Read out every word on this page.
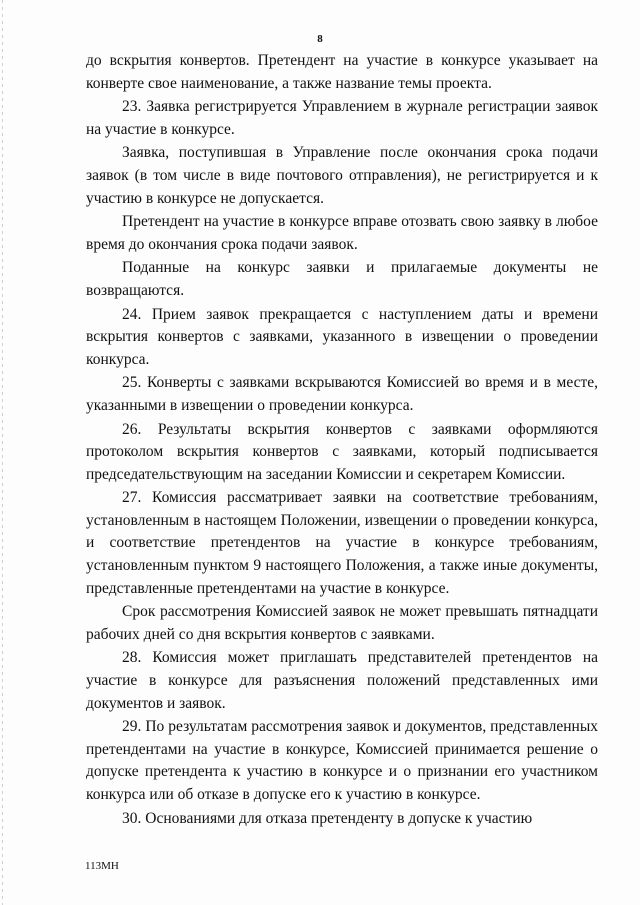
8

до вскрытия конвертов. Претендент на участие в конкурсе указывает на конверте свое наименование, а также название темы проекта.

23. Заявка регистрируется Управлением в журнале регистрации заявок на участие в конкурсе.

Заявка, поступившая в Управление после окончания срока подачи заявок (в том числе в виде почтового отправления), не регистрируется и к участию в конкурсе не допускается.

Претендент на участие в конкурсе вправе отозвать свою заявку в любое время до окончания срока подачи заявок.

Поданные на конкурс заявки и прилагаемые документы не возвращаются.

24. Прием заявок прекращается с наступлением даты и времени вскрытия конвертов с заявками, указанного в извещении о проведении конкурса.

25. Конверты с заявками вскрываются Комиссией во время и в месте, указанными в извещении о проведении конкурса.

26. Результаты вскрытия конвертов с заявками оформляются протоколом вскрытия конвертов с заявками, который подписывается председательствующим на заседании Комиссии и секретарем Комиссии.

27. Комиссия рассматривает заявки на соответствие требованиям, установленным в настоящем Положении, извещении о проведении конкурса, и соответствие претендентов на участие в конкурсе требованиям, установленным пунктом 9 настоящего Положения, а также иные документы, представленные претендентами на участие в конкурсе.

Срок рассмотрения Комиссией заявок не может превышать пятнадцати рабочих дней со дня вскрытия конвертов с заявками.

28. Комиссия может приглашать представителей претендентов на участие в конкурсе для разъяснения положений представленных ими документов и заявок.

29. По результатам рассмотрения заявок и документов, представленных претендентами на участие в конкурсе, Комиссией принимается решение о допуске претендента к участию в конкурсе и о признании его участником конкурса или об отказе в допуске его к участию в конкурсе.

30. Основаниями для отказа претенденту в допуске к участию

113МН
